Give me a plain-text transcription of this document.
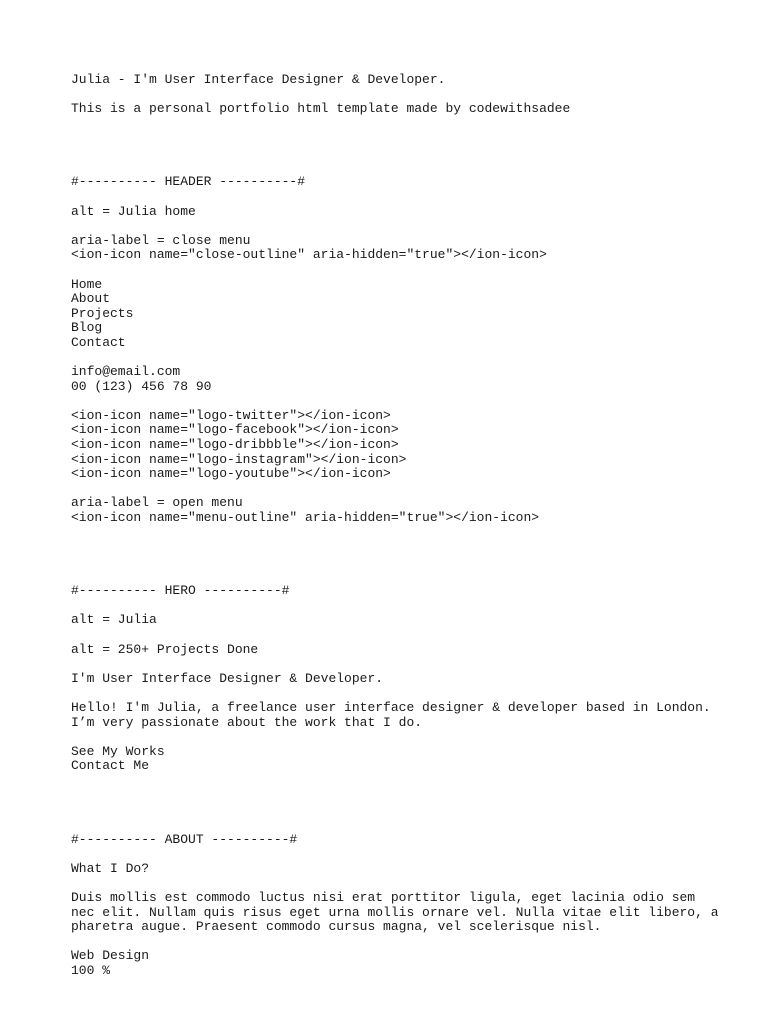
Julia - I'm User Interface Designer & Developer.
This is a personal portfolio html template made by codewithsadee
#---------- HEADER ----------#
alt = Julia home
aria-label = close menu
<ion-icon name="close-outline" aria-hidden="true"></ion-icon>
Home
About
Projects
Blog
Contact
info@email.com
00 (123) 456 78 90
<ion-icon name="logo-twitter"></ion-icon>
<ion-icon name="logo-facebook"></ion-icon>
<ion-icon name="logo-dribbble"></ion-icon>
<ion-icon name="logo-instagram"></ion-icon>
<ion-icon name="logo-youtube"></ion-icon>
aria-label = open menu
<ion-icon name="menu-outline" aria-hidden="true"></ion-icon>
#---------- HERO ----------#
alt = Julia
alt = 250+ Projects Done
I'm User Interface Designer & Developer.
Hello! I'm Julia, a freelance user interface designer & developer based in London.
I’m very passionate about the work that I do.
See My Works
Contact Me
#---------- ABOUT ----------#
What I Do?
Duis mollis est commodo luctus nisi erat porttitor ligula, eget lacinia odio sem
nec elit. Nullam quis risus eget urna mollis ornare vel. Nulla vitae elit libero, a
pharetra augue. Praesent commodo cursus magna, vel scelerisque nisl.
Web Design
100 %
